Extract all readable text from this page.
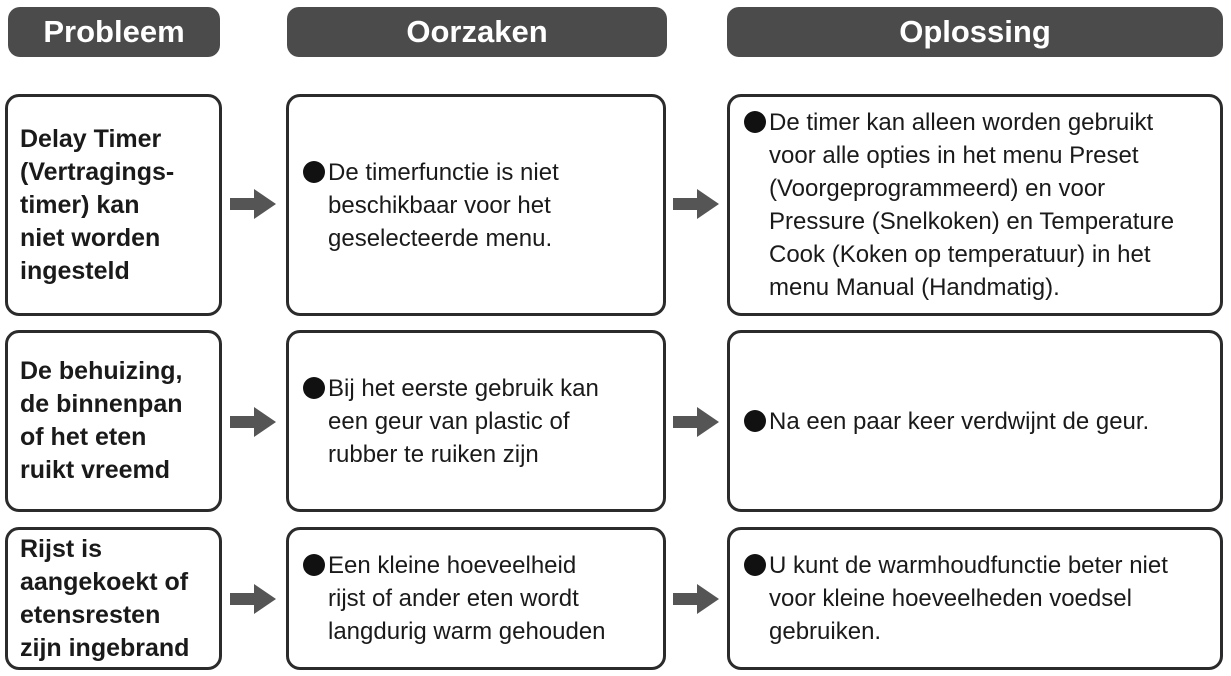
Probleem	Oorzaken	Oplossing
Delay Timer
(Vertragings-
timer) kan
niet worden
ingesteld
De timerfunctie is niet
beschikbaar voor het
geselecteerde menu.
De timer kan alleen worden gebruikt
voor alle opties in het menu Preset
(Voorgeprogrammeerd) en voor
Pressure (Snelkoken) en Temperature
Cook (Koken op temperatuur) in het
menu Manual (Handmatig).
De behuizing,
de binnenpan
of het eten
ruikt vreemd
Bij het eerste gebruik kan
een geur van plastic of
rubber te ruiken zijn
Na een paar keer verdwijnt de geur.
Rijst is
aangekoekt of
etensresten
zijn ingebrand
Een kleine hoeveelheid
rijst of ander eten wordt
langdurig warm gehouden
U kunt de warmhoudfunctie beter niet
voor kleine hoeveelheden voedsel
gebruiken.
